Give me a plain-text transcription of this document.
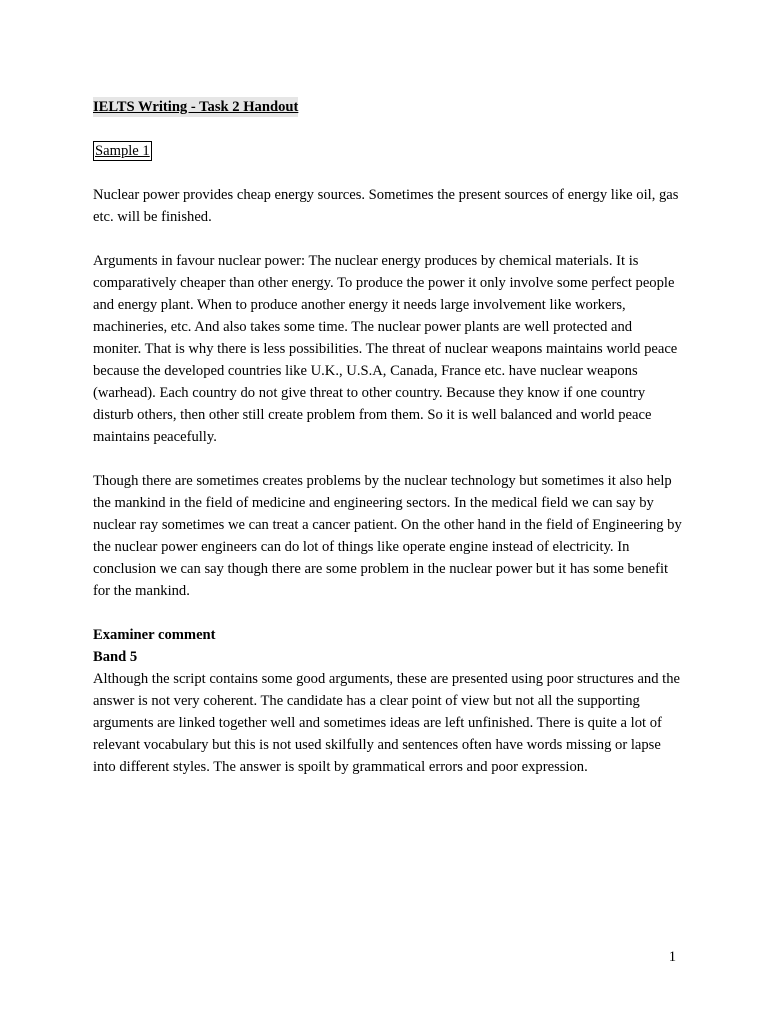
IELTS Writing - Task 2 Handout
Sample 1

Nuclear power provides cheap energy sources. Sometimes the present sources of energy like oil, gas etc. will be finished.

Arguments in favour nuclear power: The nuclear energy produces by chemical materials. It is comparatively cheaper than other energy. To produce the power it only involve some perfect people and energy plant. When to produce another energy it needs large involvement like workers, machineries, etc. And also takes some time. The nuclear power plants are well protected and moniter. That is why there is less possibilities. The threat of nuclear weapons maintains world peace because the developed countries like U.K., U.S.A, Canada, France etc. have nuclear weapons (warhead). Each country do not give threat to other country. Because they know if one country disturb others, then other still create problem from them. So it is well balanced and world peace maintains peacefully.

Though there are sometimes creates problems by the nuclear technology but sometimes it also help the mankind in the field of medicine and engineering sectors. In the medical field we can say by nuclear ray sometimes we can treat a cancer patient. On the other hand in the field of Engineering by the nuclear power engineers can do lot of things like operate engine instead of electricity. In conclusion we can say though there are some problem in the nuclear power but it has some benefit for the mankind.

Examiner comment

Band 5

Although the script contains some good arguments, these are presented using poor structures and the answer is not very coherent. The candidate has a clear point of view but not all the supporting arguments are linked together well and sometimes ideas are left unfinished. There is quite a lot of relevant vocabulary but this is not used skilfully and sentences often have words missing or lapse into different styles. The answer is spoilt by grammatical errors and poor expression.

1
